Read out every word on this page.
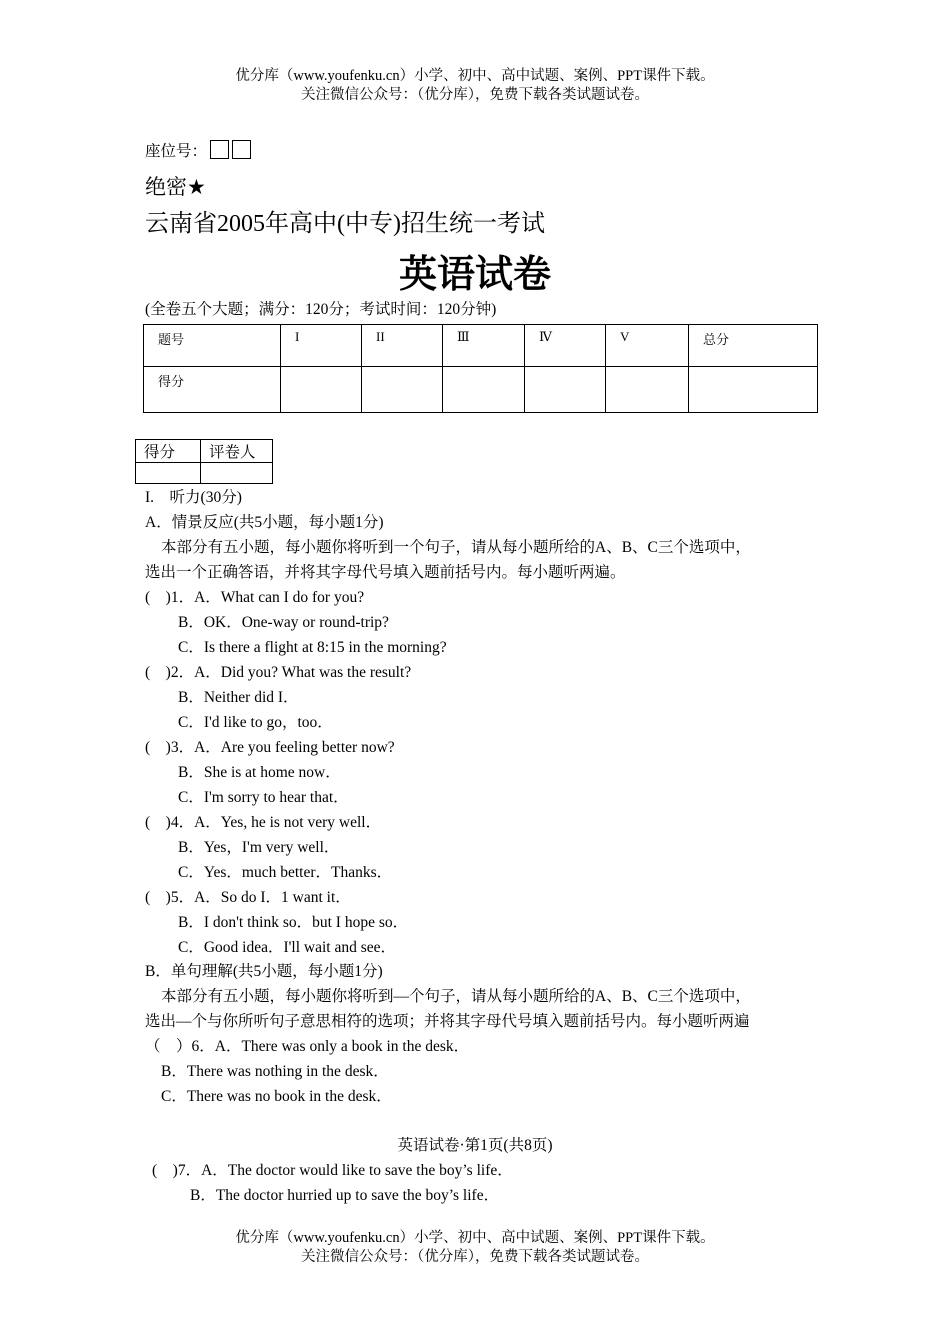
优分库（www.youfenku.cn）小学、初中、高中试题、案例、PPT课件下载。
关注微信公众号：（优分库），免费下载各类试题试卷。
座位号：
绝密★
云南省2005年高中(中专)招生统一考试
英语试卷
(全卷五个大题；满分：120分；考试时间：120分钟)
题号	I	II	Ⅲ	Ⅳ	V	总分
得分						
得分	评卷人

I.　听力(30分)
A．情景反应(共5小题，每小题1分)
本部分有五小题，每小题你将听到一个句子，请从每小题所给的A、B、C三个选项中，
选出一个正确答语，并将其字母代号填入题前括号内。每小题听两遍。
(　)1．A．What can I do for you?
B．OK．One-way or round-trip?
C．Is there a flight at 8:15 in the morning?
(　)2．A．Did you? What was the result?
B．Neither did I．
C．I'd like to go，too．
(　)3．A．Are you feeling better now?
B．She is at home now．
C．I'm sorry to hear that．
(　)4．A．Yes, he is not very well．
B．Yes，I'm very well．
C．Yes．much better．Thanks．
(　)5．A．So do I．1 want it．
B．I don't think so．but I hope so．
C．Good idea．I'll wait and see．
B．单句理解(共5小题，每小题1分)
本部分有五小题，每小题你将听到—个句子，请从每小题所给的A、B、C三个选项中，
选出—个与你所听句子意思相符的选项；并将其字母代号填入题前括号内。每小题听两遍
（　）6．A．There was only a book in the desk．
B．There was nothing in the desk．
C．There was no book in the desk．
英语试卷·第1页(共8页)
(　)7．A．The doctor would like to save the boy’s life．
B．The doctor hurried up to save the boy’s life．
优分库（www.youfenku.cn）小学、初中、高中试题、案例、PPT课件下载。
关注微信公众号：（优分库），免费下载各类试题试卷。
